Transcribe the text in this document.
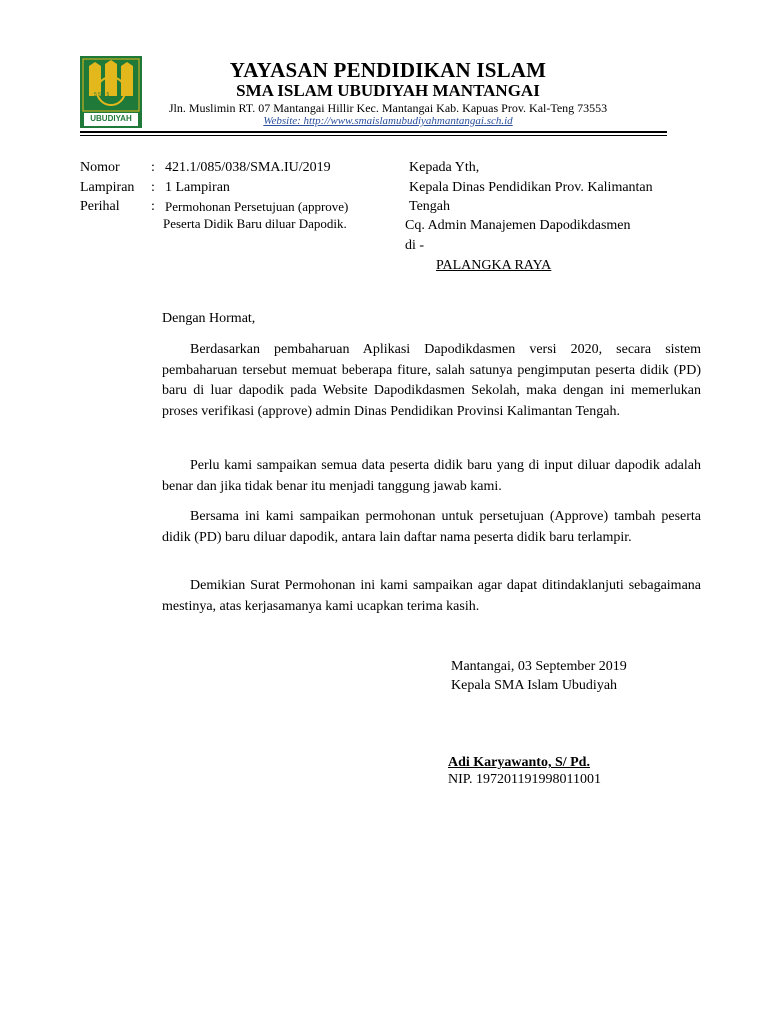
5 5 5 5
UBUDIYAH
YAYASAN PENDIDIKAN ISLAM
SMA ISLAM UBUDIYAH MANTANGAI
Jln. Muslimin RT. 07 Mantangai Hillir Kec. Mantangai Kab. Kapuas Prov. Kal-Teng 73553
Website: http://www.smaislamubudiyahmantangai.sch.id
Nomor : 421.1/085/038/SMA.IU/2019
Lampiran : 1 Lampiran
Perihal : Permohonan Persetujuan (approve)
Peserta Didik Baru diluar Dapodik.
Kepada Yth,
Kepala Dinas Pendidikan Prov. Kalimantan
Tengah
Cq. Admin Manajemen Dapodikdasmen
di -
PALANGKA RAYA
Dengan Hormat,
Berdasarkan pembaharuan Aplikasi Dapodikdasmen versi 2020, secara sistem pembaharuan tersebut memuat beberapa fiture, salah satunya pengimputan peserta didik (PD) baru di luar dapodik pada Website Dapodikdasmen Sekolah, maka dengan ini memerlukan proses verifikasi (approve) admin Dinas Pendidikan Provinsi Kalimantan Tengah.
Perlu kami sampaikan semua data peserta didik baru yang di input diluar dapodik adalah benar dan jika tidak benar itu menjadi tanggung jawab kami.
Bersama ini kami sampaikan permohonan untuk persetujuan (Approve) tambah peserta didik (PD) baru diluar dapodik, antara lain daftar nama peserta didik baru terlampir.
Demikian Surat Permohonan ini kami sampaikan agar dapat ditindaklanjuti sebagaimana mestinya, atas kerjasamanya kami ucapkan terima kasih.
Mantangai, 03 September 2019
Kepala SMA Islam Ubudiyah
Adi Karyawanto, S/ Pd.
NIP. 197201191998011001
